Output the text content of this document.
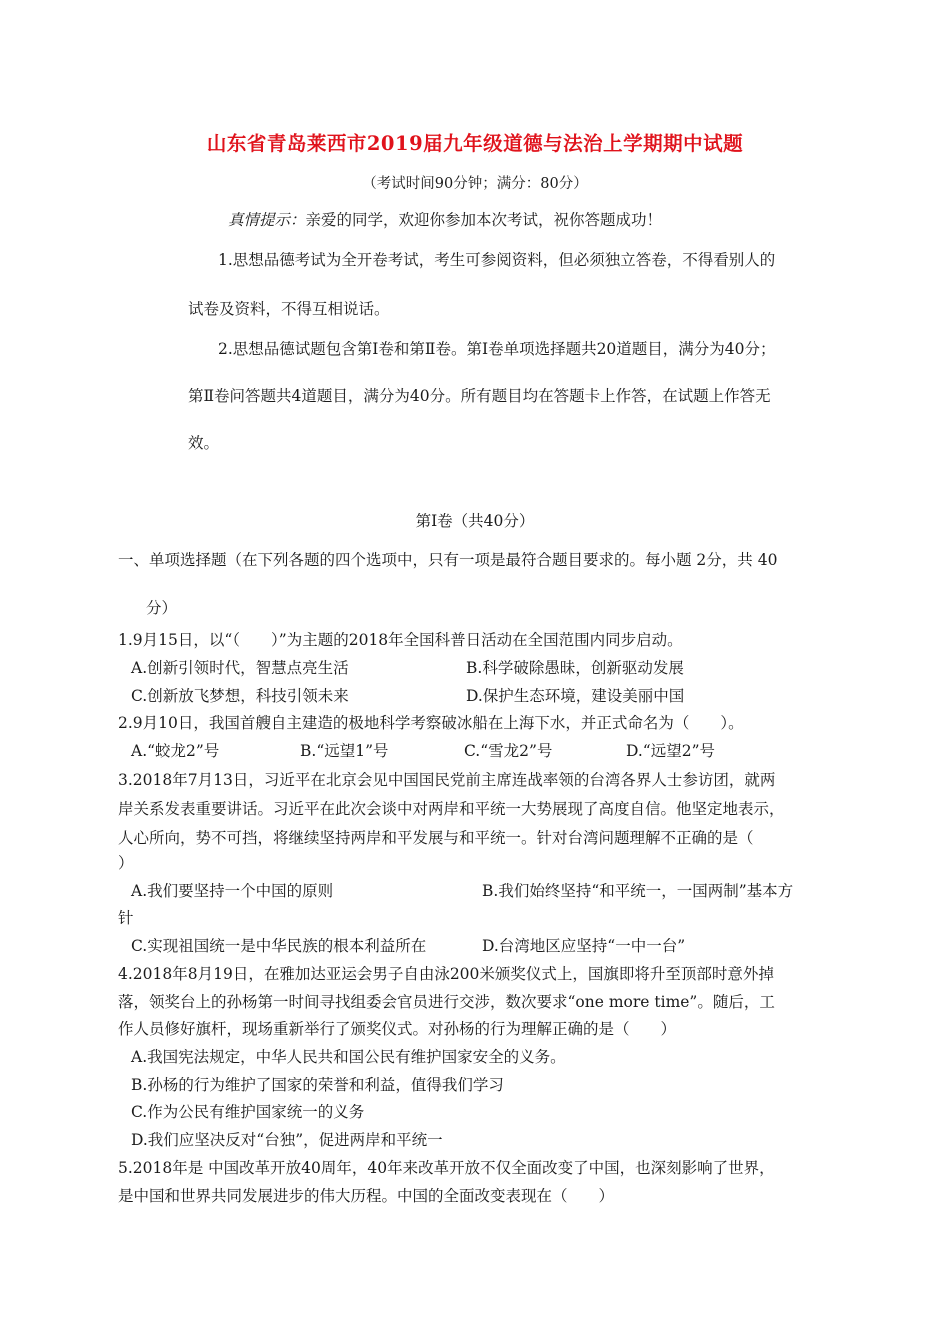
山东省青岛莱西市2019届九年级道德与法治上学期期中试题
（考试时间90分钟；满分：80分）
真情提示：亲爱的同学，欢迎你参加本次考试，祝你答题成功！
1.思想品德考试为全开卷考试，考生可参阅资料，但必须独立答卷，不得看别人的
试卷及资料，不得互相说话。
2.思想品德试题包含第Ⅰ卷和第Ⅱ卷。第Ⅰ卷单项选择题共20道题目，满分为40分；
第Ⅱ卷问答题共4道题目，满分为40分。所有题目均在答题卡上作答，在试题上作答无
效。
第Ⅰ卷（共40分）
一、单项选择题（在下列各题的四个选项中，只有一项是最符合题目要求的。每小题 2分，共 40
分）
1.9月15日，以“（　　）”为主题的2018年全国科普日活动在全国范围内同步启动。
A.创新引领时代，智慧点亮生活	B.科学破除愚昧，创新驱动发展
C.创新放飞梦想，科技引领未来	D.保护生态环境，建设美丽中国
2.9月10日，我国首艘自主建造的极地科学考察破冰船在上海下水，并正式命名为（　　）。
A.“蛟龙2”号	B.“远望1”号	C.“雪龙2”号	D.“远望2”号
3.2018年7月13日，习近平在北京会见中国国民党前主席连战率领的台湾各界人士参访团，就两
岸关系发表重要讲话。习近平在此次会谈中对两岸和平统一大势展现了高度自信。他坚定地表示，
人心所向，势不可挡，将继续坚持两岸和平发展与和平统一。针对台湾问题理解不正确的是（
）
A.我们要坚持一个中国的原则	B.我们始终坚持“和平统一，一国两制”基本方
针
C.实现祖国统一是中华民族的根本利益所在	D.台湾地区应坚持“一中一台”
4.2018年8月19日，在雅加达亚运会男子自由泳200米颁奖仪式上，国旗即将升至顶部时意外掉
落，领奖台上的孙杨第一时间寻找组委会官员进行交涉，数次要求“one more time”。随后，工
作人员修好旗杆，现场重新举行了颁奖仪式。对孙杨的行为理解正确的是（　　）
A.我国宪法规定，中华人民共和国公民有维护国家安全的义务。
B.孙杨的行为维护了国家的荣誉和利益，值得我们学习
C.作为公民有维护国家统一的义务
D.我们应坚决反对“台独”，促进两岸和平统一
5.2018年是 中国改革开放40周年，40年来改革开放不仅全面改变了中国，也深刻影响了世界，
是中国和世界共同发展进步的伟大历程。中国的全面改变表现在（　　）
